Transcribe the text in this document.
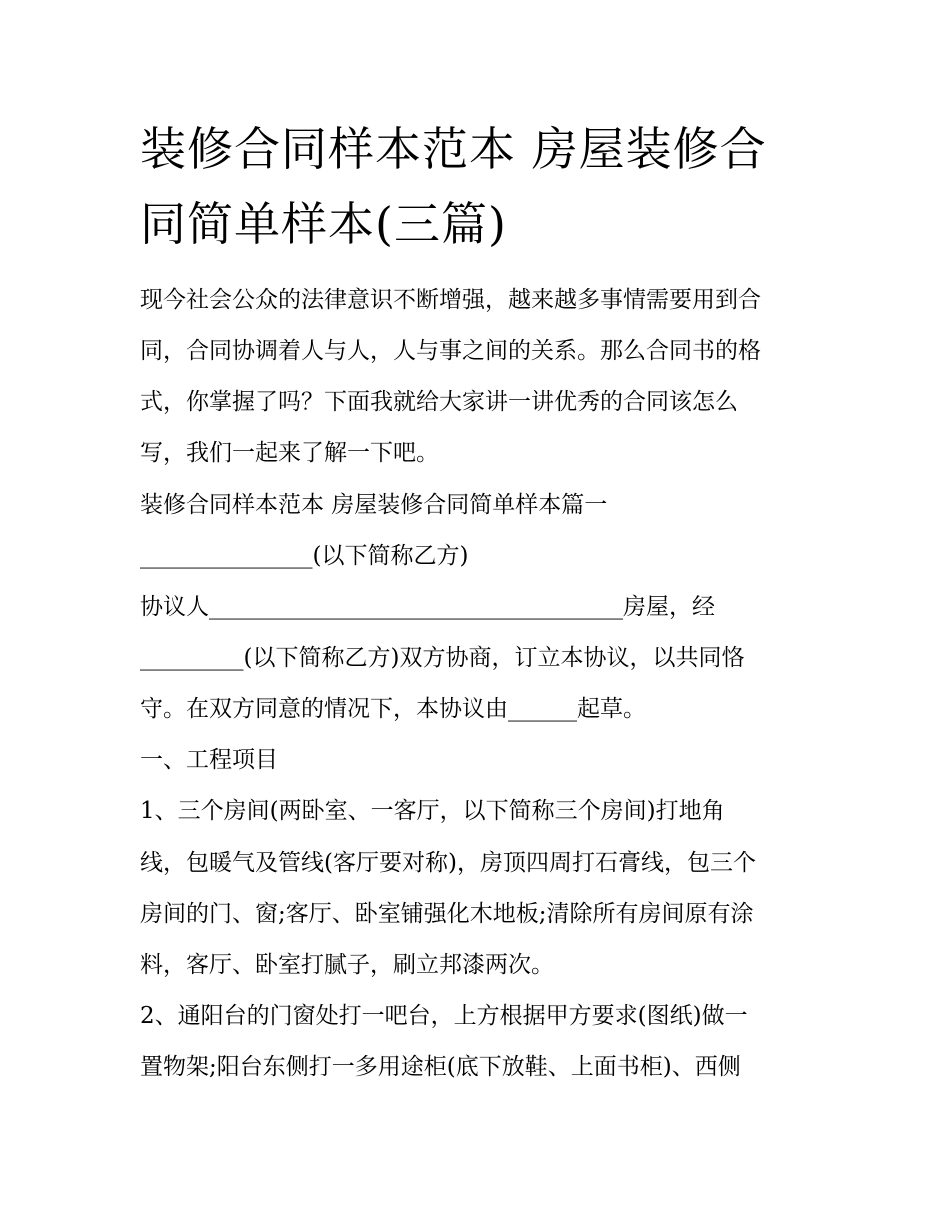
装修合同样本范本 房屋装修合
同简单样本(三篇)
现今社会公众的法律意识不断增强，越来越多事情需要用到合
同，合同协调着人与人，人与事之间的关系。那么合同书的格
式，你掌握了吗？下面我就给大家讲一讲优秀的合同该怎么
写，我们一起来了解一下吧。
装修合同样本范本 房屋装修合同简单样本篇一
_______________(以下简称乙方)
协议人____________________________________房屋，经
_________(以下简称乙方)双方协商，订立本协议，以共同恪
守。在双方同意的情况下，本协议由______起草。
一、工程项目
1、三个房间(两卧室、一客厅，以下简称三个房间)打地角
线，包暖气及管线(客厅要对称)，房顶四周打石膏线，包三个
房间的门、窗;客厅、卧室铺强化木地板;清除所有房间原有涂
料，客厅、卧室打腻子，刷立邦漆两次。
2、通阳台的门窗处打一吧台，上方根据甲方要求(图纸)做一
置物架;阳台东侧打一多用途柜(底下放鞋、上面书柜)、西侧
